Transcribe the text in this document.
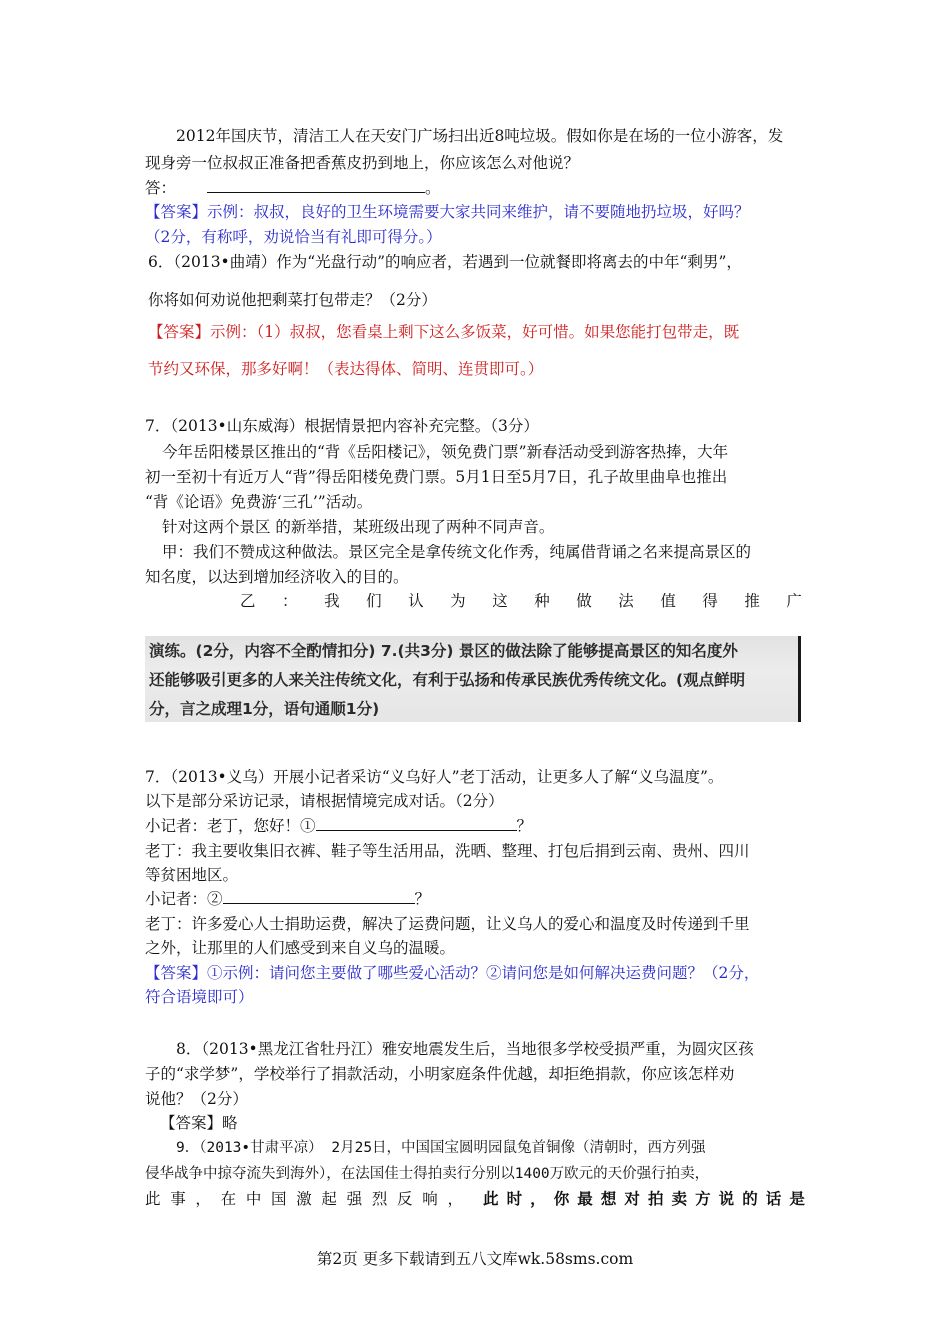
2012年国庆节，清洁工人在天安门广场扫出近8吨垃圾。假如你是在场的一位小游客，发
现身旁一位叔叔正准备把香蕉皮扔到地上，你应该怎么对他说？
答：	。
【答案】示例：叔叔，良好的卫生环境需要大家共同来维护，请不要随地扔垃圾，好吗？
（2分，有称呼，劝说恰当有礼即可得分。）
6．（2013•曲靖）作为“光盘行动”的响应者，若遇到一位就餐即将离去的中年“剩男”，
你将如何劝说他把剩菜打包带走？（2分）
【答案】示例：（1）叔叔，您看桌上剩下这么多饭菜，好可惜。如果您能打包带走，既
节约又环保，那多好啊！（表达得体、简明、连贯即可。）
7．（2013•山东威海）根据情景把内容补充完整。（3分）
今年岳阳楼景区推出的“背《岳阳楼记》，领免费门票”新春活动受到游客热捧，大年
初一至初十有近万人“背”得岳阳楼免费门票。5月1日至5月7日，孔子故里曲阜也推出
“背《论语》免费游‘三孔’”活动。
针对这两个景区 的新举措，某班级出现了两种不同声音。
甲：我们不赞成这种做法。景区完全是拿传统文化作秀，纯属借背诵之名来提高景区的
知名度，以达到增加经济收入的目的。
乙 ： 我 们 认 为 这 种 做 法 值 得 推 广
演练。(2分，内容不全酌情扣分) 7.(共3分) 景区的做法除了能够提高景区的知名度外
还能够吸引更多的人来关注传统文化，有利于弘扬和传承民族优秀传统文化。(观点鲜明
分，言之成理1分，语句通顺1分)
7．（2013•义乌）开展小记者采访“义乌好人”老丁活动，让更多人了解“义乌温度”。
以下是部分采访记录，请根据情境完成对话。（2分）
小记者：老丁，您好！①	？
老丁：我主要收集旧衣裤、鞋子等生活用品，洗晒、整理、打包后捐到云南、贵州、四川
等贫困地区。
小记者：②	？
老丁：许多爱心人士捐助运费，解决了运费问题，让义乌人的爱心和温度及时传递到千里
之外，让那里的人们感受到来自义乌的温暖。
【答案】①示例：请问您主要做了哪些爱心活动？②请问您是如何解决运费问题？（2分，
符合语境即可）
8．（2013•黑龙江省牡丹江）雅安地震发生后，当地很多学校受损严重，为圆灾区孩
子的“求学梦”，学校举行了捐款活动，小明家庭条件优越，却拒绝捐款，你应该怎样劝
说他？（2分）
【答案】略
9．（2013•甘肃平凉） 2月25日，中国国宝圆明园鼠兔首铜像（清朝时，西方列强
侵华战争中掠夺流失到海外），在法国佳士得拍卖行分别以1400万欧元的天价强行拍卖，
此 事 ， 在 中 国 激 起 强 烈 反 响 ， 此 时 ， 你 最 想 对 拍 卖 方 说 的 话 是
第2页 更多下载请到五八文库wk.58sms.com
